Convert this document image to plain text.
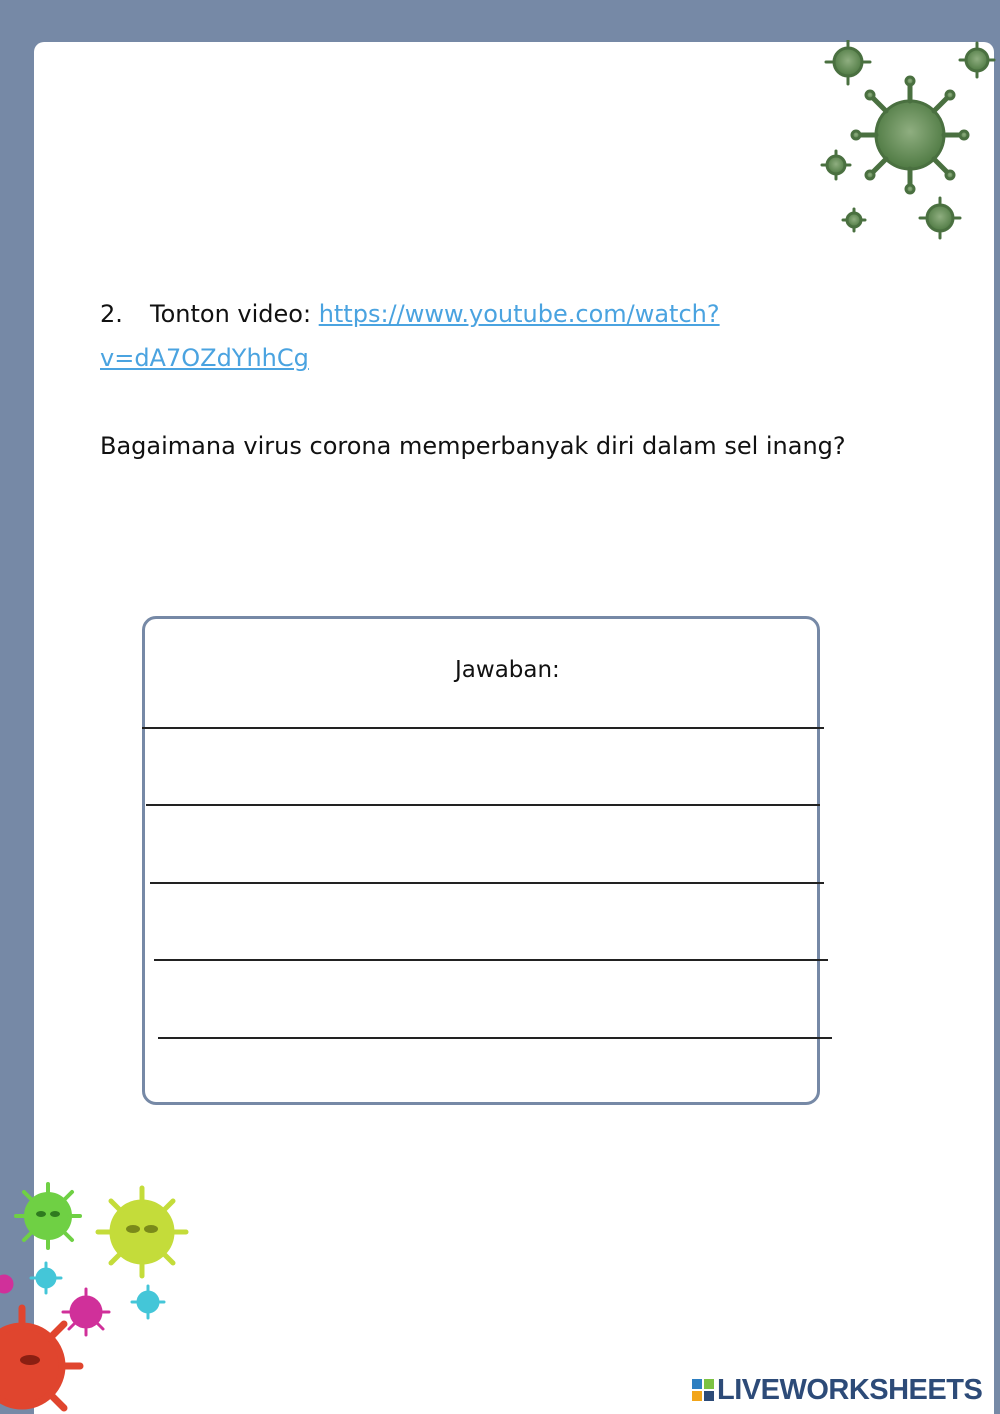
2. Tonton video: https://www.youtube.com/watch?
v=dA7OZdYhhCg
Bagaimana virus corona memperbanyak diri dalam sel inang?
Jawaban:
LIVEWORKSHEETS
